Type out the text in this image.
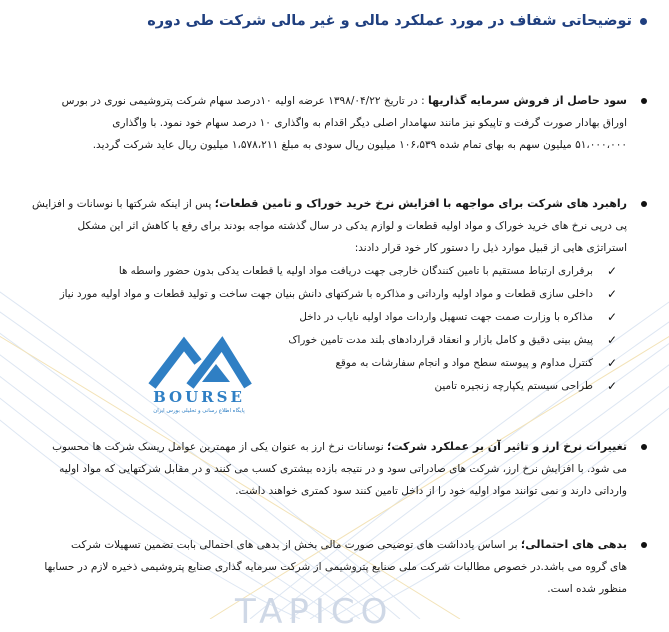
TAPICO
توضیحاتی شفاف در مورد عملکرد مالی و غیر مالی شرکت طی دوره
سود حاصل از فروش سرمایه گذاریها : در تاریخ ۱۳۹۸/۰۴/۲۲ عرضه اولیه ۱۰درصد سهام شرکت پتروشیمی نوری در بورس
اوراق بهادار صورت گرفت و تاپیکو نیز مانند سهامدار اصلی دیگر اقدام به واگذاری ۱۰ درصد سهام خود نمود. با واگذاری
۵۱،۰۰۰،۰۰۰ میلیون سهم به بهای تمام شده ۱۰۶،۵۳۹ میلیون ریال سودی به مبلغ ۱،۵۷۸،۲۱۱ میلیون ریال عاید شرکت گردید.
راهبرد های شرکت برای مواجهه با افزایش نرخ خرید خوراک و تامین قطعات؛ پس از اینکه شرکتها با نوسانات و افزایش
پی درپی نرخ های خرید خوراک و مواد اولیه قطعات و لوازم یدکی در سال گذشته مواجه بودند برای رفع یا کاهش اثر این مشکل
استراتژی هایی از قبیل موارد ذیل را دستور کار خود قرار دادند:
✓
برقراری ارتباط مستقیم با تامین کنندگان خارجی جهت دریافت مواد اولیه یا قطعات یدکی بدون حضور واسطه ها
✓
داخلی سازی قطعات و مواد اولیه وارداتی و مذاکره با شرکتهای دانش بنیان جهت ساخت و تولید قطعات و مواد اولیه مورد نیاز
✓
مذاکره با وزارت صمت جهت تسهیل واردات مواد اولیه نایاب در داخل
✓
پیش بینی دقیق و کامل بازار و انعقاد قراردادهای بلند مدت تامین خوراک
✓
کنترل مداوم و پیوسته سطح مواد و انجام سفارشات به موقع
✓
طراحی سیستم یکپارچه زنجیره تامین
تغییرات نرخ ارز و تاثیر آن بر عملکرد شرکت؛ نوسانات نرخ ارز به عنوان یکی از مهمترین عوامل ریسک شرکت ها محسوب
می شود. با افزایش نرخ ارز، شرکت های صادراتی سود و در نتیجه بازده بیشتری کسب می کنند و در مقابل شرکتهایی که مواد اولیه
وارداتی دارند و نمی توانند مواد اولیه خود را از داخل تامین کنند سود کمتری خواهند داشت.
بدهی های احتمالی؛ بر اساس یادداشت های توضیحی صورت مالی بخش از بدهی های احتمالی بابت تضمین تسهیلات شرکت
های گروه می باشد.در خصوص مطالبات شرکت ملی صنایع پتروشیمی از شرکت سرمایه گذاری صنایع پتروشیمی ذخیره لازم در حسابها
منظور شده است.
BOURSE
پایگاه اطلاع رسانی و تحلیلی بورس ایران
